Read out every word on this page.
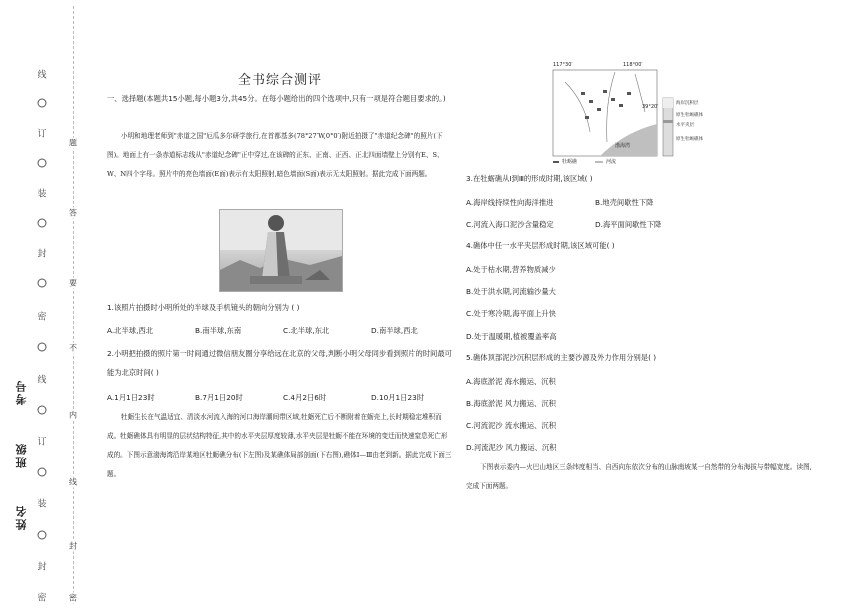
线
订
装
封
密
线
订
装
封
密
考号
班级
姓名
题
答
要
不
内
线
封
密
全书综合测评
一、选择题(本题共15小题,每小题3分,共45分。在每小题给出的四个选项中,只有一项是符合题目要求的。)
小明和地理老师到"赤道之国"厄瓜多尔研学旅行,在首都基多(78°27′W,0°0′)附近拍摄了"赤道纪念碑"的照片(下图)。地面上有一条赤道标志线从"赤道纪念碑"正中穿过,在该碑的正东、正南、正西、正北四面墙壁上分别有E、S、W、N四个字母。照片中的亮色墙面(E面)表示有太阳照射,暗色墙面(S面)表示无太阳照射。据此完成下面两题。
1.该照片拍摄时小明所处的半球及手机镜头的朝向分别为 ( )
A.北半球,西北	B.南半球,东南	C.北半球,东北	D.南半球,西北
2.小明把拍摄的照片第一时间通过微信朋友圈分享给远在北京的父母,判断小明父母同步看到照片的时间最可能为北京时间( )
A.1月1日23时	B.7月1日20时	C.4月2日6时	D.10月1日23时
牡蛎生长在气温适宜、清淡水河流入海的河口海岸潮间带区域,牡蛎死亡后不断附着在蛎壳上,长时期稳定堆积而成。牡蛎礁体具有明显的层状结构特征,其中的水平夹层厚度较薄,水平夹层是牡蛎不能在环境的变迁而快速窒息死亡形成的。下图示意渤海湾沿岸某地区牡蛎礁分布(下左图)及某礁体局部剖面(下右图),礁体Ⅰ—Ⅲ由老到新。据此完成下面三题。
117°30′	118°00′
39°20′
渤海湾
牡蛎礁	河流
海岸沉积层
原生牡蛎礁体
水平夹层
原生牡蛎礁体
3.在牡蛎礁从Ⅰ到Ⅲ的形成时期,该区域( )
A.海岸线持续性向海洋推进	B.地壳间歇性下降
C.河流入海口泥沙含量稳定	D.海平面间歇性下降
4.礁体中任一水平夹层形成时期,该区域可能( )
A.处于枯水期,营养物质减少
B.处于洪水期,河流输沙量大
C.处于寒冷期,海平面上升快
D.处于温暖期,植被覆盖率高
5.礁体顶部泥沙沉积层形成的主要沙源及外力作用分别是( )
A.海底淤泥 海水搬运、沉积
B.海底淤泥 风力搬运、沉积
C.河流泥沙 流水搬运、沉积
D.河流泥沙 风力搬运、沉积
下图表示委内—火巴山地区三条纬度相当、自西向东依次分布的山脉南坡某一自然带的分布海拔与带幅宽度。读图,完成下面两题。
